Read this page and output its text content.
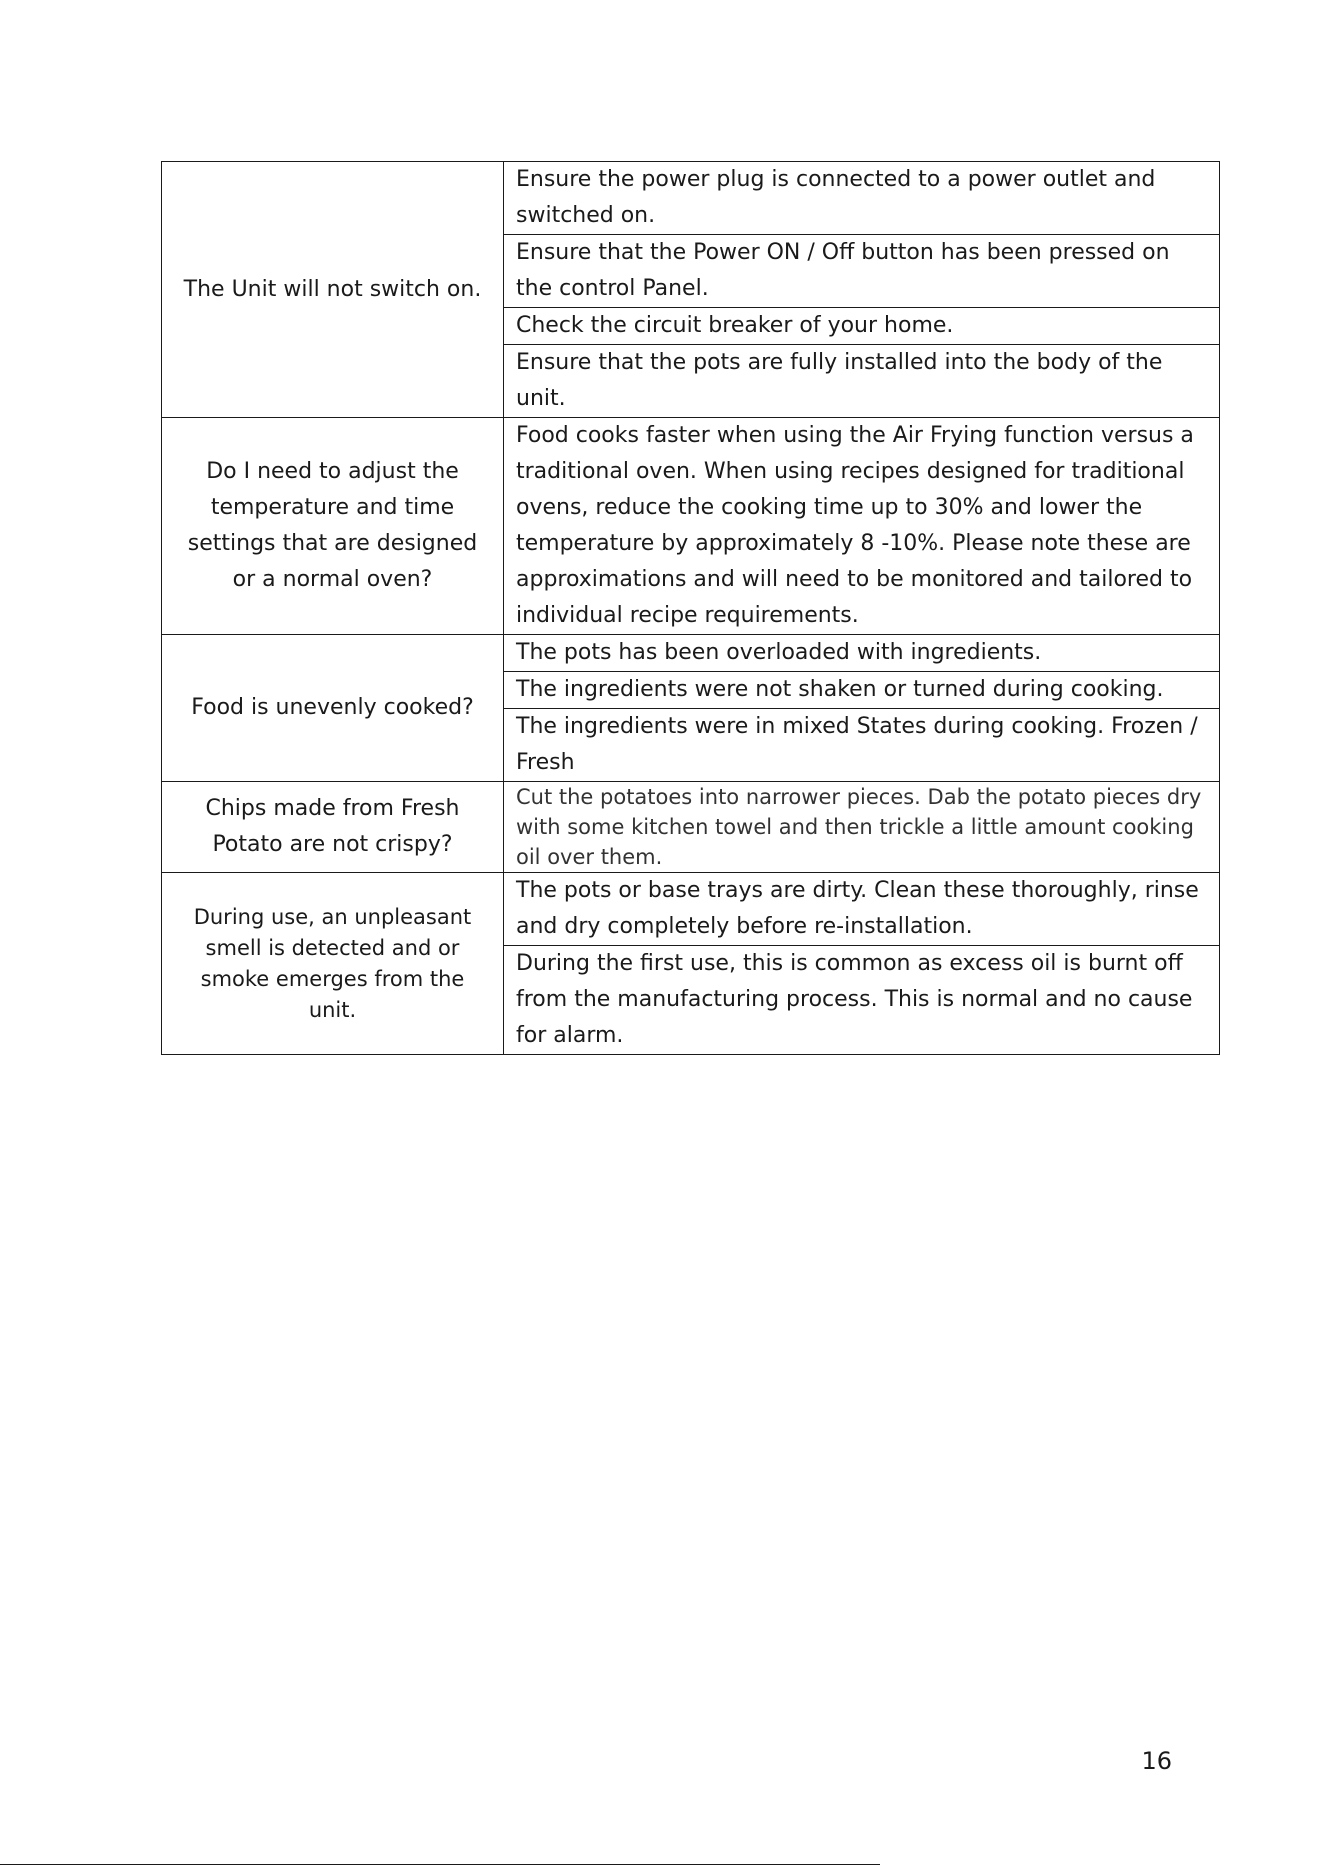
The Unit will not switch on.	Ensure the power plug is connected to a power outlet and switched on.

	Ensure that the Power ON / Off button has been pressed on the control Panel.

	Check the circuit breaker of your home.

	Ensure that the pots are fully installed into the body of the unit.

Do I need to adjust the temperature and time settings that are designed or a normal oven?	Food cooks faster when using the Air Frying function versus a traditional oven. When using recipes designed for traditional ovens, reduce the cooking time up to 30% and lower the temperature by approximately 8 -10%. Please note these are approximations and will need to be monitored and tailored to individual recipe requirements.

Food is unevenly cooked?	The pots has been overloaded with ingredients.

	The ingredients were not shaken or turned during cooking.

	The ingredients were in mixed States during cooking. Frozen / Fresh

Chips made from Fresh Potato are not crispy?	Cut the potatoes into narrower pieces. Dab the potato pieces dry with some kitchen towel and then trickle a little amount cooking oil over them.

During use, an unpleasant smell is detected and or smoke emerges from the unit.	The pots or base trays are dirty. Clean these thoroughly, rinse and dry completely before re-installation.

	During the first use, this is common as excess oil is burnt off from the manufacturing process. This is normal and no cause for alarm.
16
